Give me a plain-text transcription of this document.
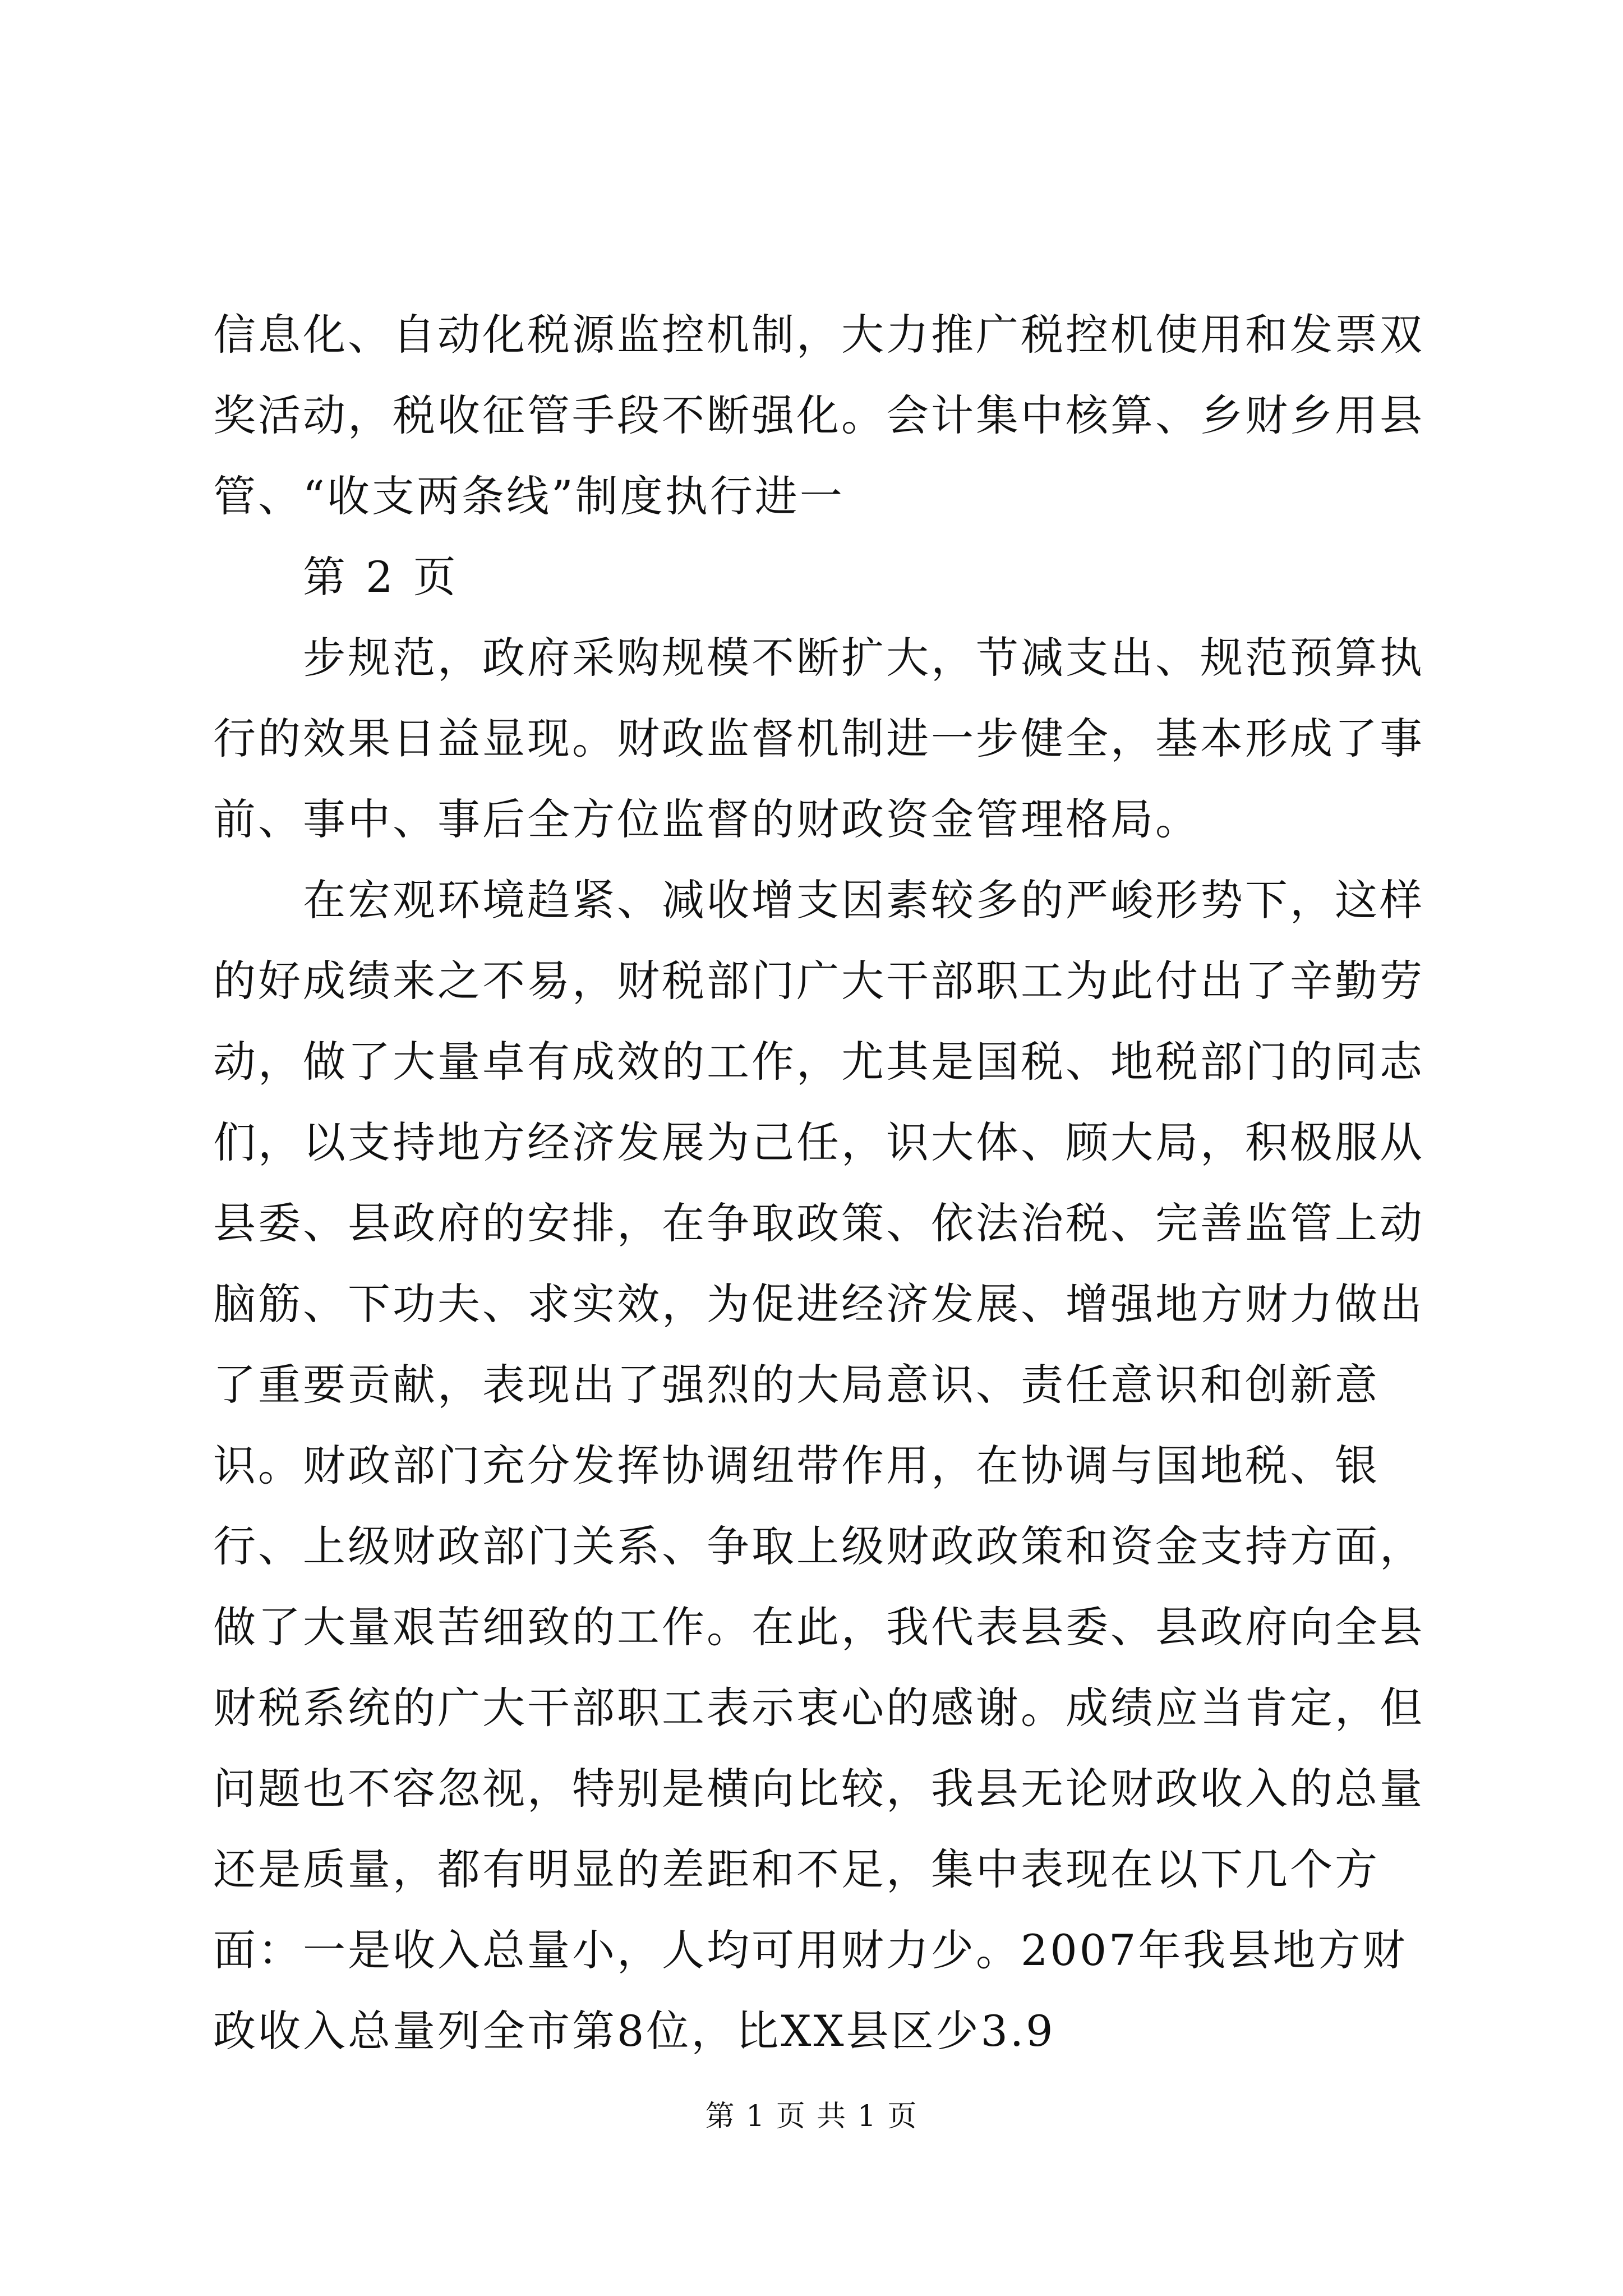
信息化、自动化税源监控机制，大力推广税控机使用和发票双奖活动，税收征管手段不断强化。会计集中核算、乡财乡用县管、“收支两条线”制度执行进一

第 2 页

步规范，政府采购规模不断扩大，节减支出、规范预算执行的效果日益显现。财政监督机制进一步健全，基本形成了事前、事中、事后全方位监督的财政资金管理格局。

在宏观环境趋紧、减收增支因素较多的严峻形势下，这样的好成绩来之不易，财税部门广大干部职工为此付出了辛勤劳动，做了大量卓有成效的工作，尤其是国税、地税部门的同志们，以支持地方经济发展为己任，识大体、顾大局，积极服从县委、县政府的安排，在争取政策、依法治税、完善监管上动脑筋、下功夫、求实效，为促进经济发展、增强地方财力做出了重要贡献，表现出了强烈的大局意识、责任意识和创新意识。财政部门充分发挥协调纽带作用，在协调与国地税、银行、上级财政部门关系、争取上级财政政策和资金支持方面，做了大量艰苦细致的工作。在此，我代表县委、县政府向全县财税系统的广大干部职工表示衷心的感谢。成绩应当肯定，但问题也不容忽视，特别是横向比较，我县无论财政收入的总量还是质量，都有明显的差距和不足，集中表现在以下几个方面：一是收入总量小，人均可用财力少。2007年我县地方财政收入总量列全市第8位，比XX县区少3.9

第 1 页 共 1 页
